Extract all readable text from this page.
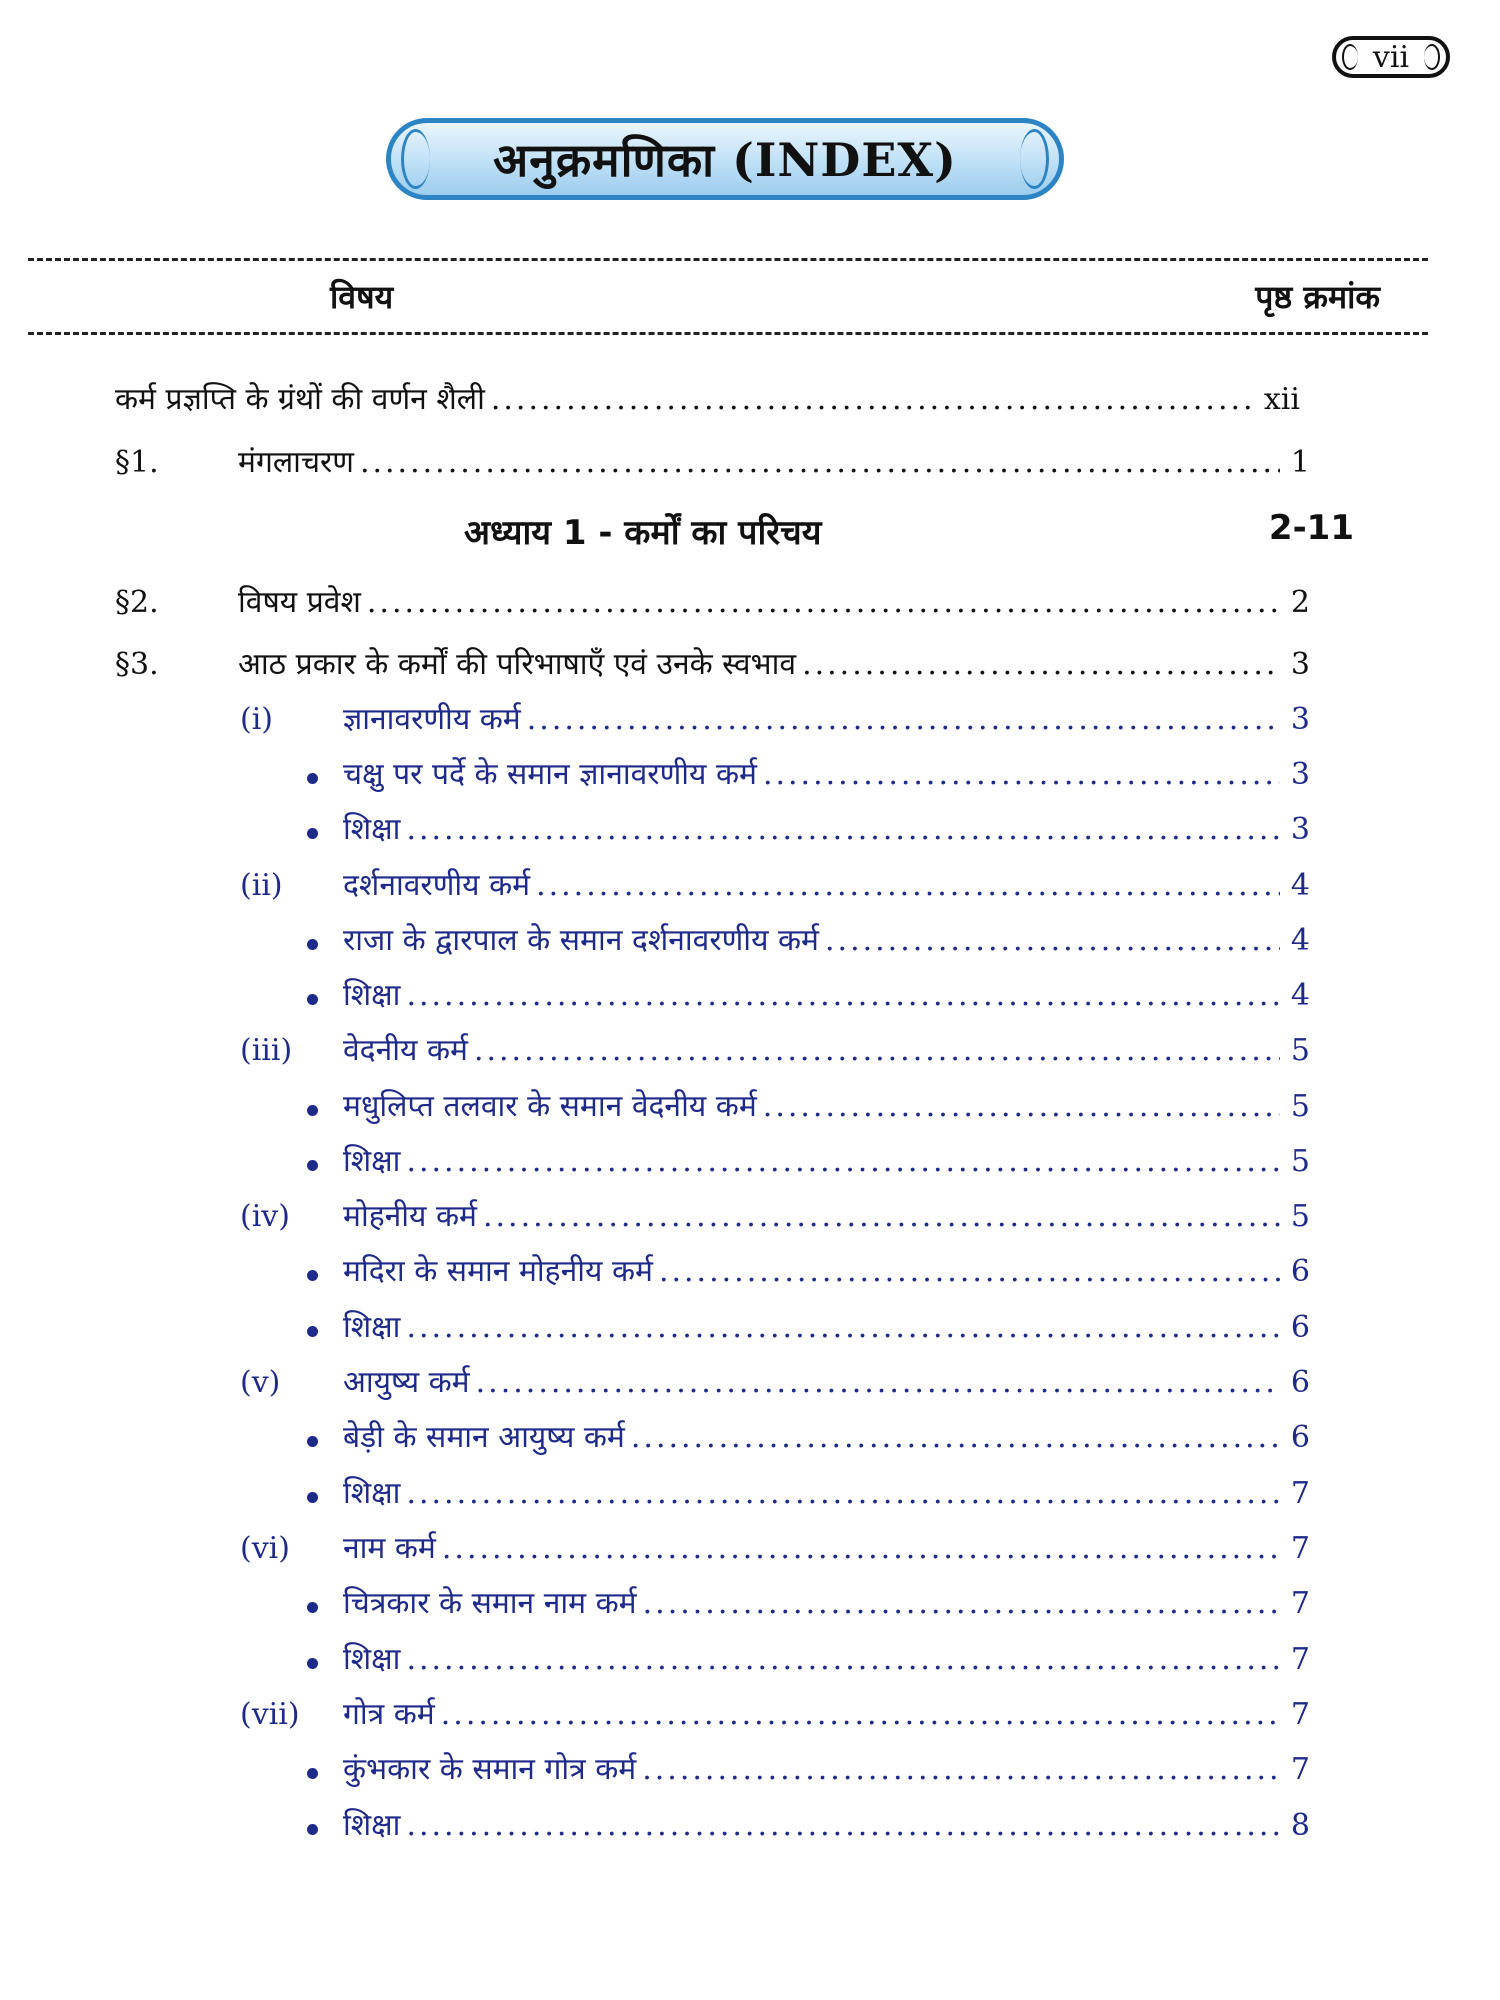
vii
अनुक्रमणिका (INDEX)
विषय	पृष्ठ क्रमांक
अध्याय 1 - कर्मों का परिचय	2-11
कर्म प्रज्ञप्ति के ग्रंथों की वर्णन शैली .....	xii
§1.	मंगलाचरण .....	1
§2.	विषय प्रवेश .....	2
§3.	आठ प्रकार के कर्मों की परिभाषाएँ एवं उनके स्वभाव .....	3
(i) ज्ञानावरणीय कर्म .....	3
चक्षु पर पर्दे के समान ज्ञानावरणीय कर्म .....	3
शिक्षा .....	3
(ii) दर्शनावरणीय कर्म .....	4
राजा के द्वारपाल के समान दर्शनावरणीय कर्म .....	4
शिक्षा .....	4
(iii) वेदनीय कर्म .....	5
मधुलिप्त तलवार के समान वेदनीय कर्म .....	5
शिक्षा .....	5
(iv) मोहनीय कर्म .....	5
मदिरा के समान मोहनीय कर्म .....	6
शिक्षा .....	6
(v) आयुष्य कर्म .....	6
बेड़ी के समान आयुष्य कर्म .....	6
शिक्षा .....	7
(vi) नाम कर्म .....	7
चित्रकार के समान नाम कर्म .....	7
शिक्षा .....	7
(vii) गोत्र कर्म .....	7
कुंभकार के समान गोत्र कर्म .....	7
शिक्षा .....	8
